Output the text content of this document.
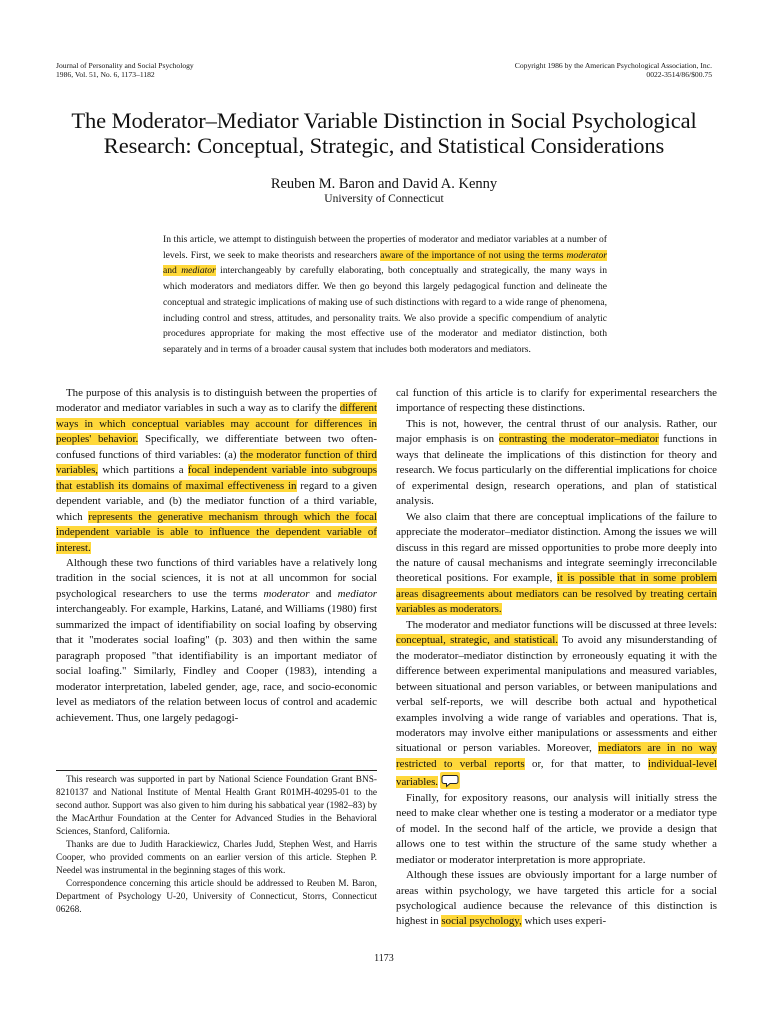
Journal of Personality and Social Psychology
1986, Vol. 51, No. 6, 1173–1182
Copyright 1986 by the American Psychological Association, Inc.
0022-3514/86/$00.75
The Moderator–Mediator Variable Distinction in Social Psychological
Research: Conceptual, Strategic, and Statistical Considerations
Reuben M. Baron and David A. Kenny
University of Connecticut
In this article, we attempt to distinguish between the properties of moderator and mediator variables at a number of levels. First, we seek to make theorists and researchers aware of the importance of not using the terms moderator and mediator interchangeably by carefully elaborating, both conceptually and strategically, the many ways in which moderators and mediators differ. We then go beyond this largely pedagogical function and delineate the conceptual and strategic implications of making use of such distinctions with regard to a wide range of phenomena, including control and stress, attitudes, and personality traits. We also provide a specific compendium of analytic procedures appropriate for making the most effective use of the moderator and mediator distinction, both separately and in terms of a broader causal system that includes both moderators and mediators.

The purpose of this analysis is to distinguish between the properties of moderator and mediator variables in such a way as to clarify the different ways in which conceptual variables may account for differences in peoples' behavior. Specifically, we differentiate between two often-confused functions of third variables: (a) the moderator function of third variables, which partitions a focal independent variable into subgroups that establish its domains of maximal effectiveness in regard to a given dependent variable, and (b) the mediator function of a third variable, which represents the generative mechanism through which the focal independent variable is able to influence the dependent variable of interest.

Although these two functions of third variables have a relatively long tradition in the social sciences, it is not at all uncommon for social psychological researchers to use the terms moderator and mediator interchangeably. For example, Harkins, Latané, and Williams (1980) first summarized the impact of identifiability on social loafing by observing that it "moderates social loafing" (p. 303) and then within the same paragraph proposed "that identifiability is an important mediator of social loafing." Similarly, Findley and Cooper (1983), intending a moderator interpretation, labeled gender, age, race, and socio-economic level as mediators of the relation between locus of control and academic achievement. Thus, one largely pedagogi-

This research was supported in part by National Science Foundation Grant BNS-8210137 and National Institute of Mental Health Grant R01MH-40295-01 to the second author. Support was also given to him during his sabbatical year (1982–83) by the MacArthur Foundation at the Center for Advanced Studies in the Behavioral Sciences, Stanford, California.

Thanks are due to Judith Harackiewicz, Charles Judd, Stephen West, and Harris Cooper, who provided comments on an earlier version of this article. Stephen P. Needel was instrumental in the beginning stages of this work.

Correspondence concerning this article should be addressed to Reuben M. Baron, Department of Psychology U-20, University of Connecticut, Storrs, Connecticut 06268.

cal function of this article is to clarify for experimental researchers the importance of respecting these distinctions.

This is not, however, the central thrust of our analysis. Rather, our major emphasis is on contrasting the moderator–mediator functions in ways that delineate the implications of this distinction for theory and research. We focus particularly on the differential implications for choice of experimental design, research operations, and plan of statistical analysis.

We also claim that there are conceptual implications of the failure to appreciate the moderator–mediator distinction. Among the issues we will discuss in this regard are missed opportunities to probe more deeply into the nature of causal mechanisms and integrate seemingly irreconcilable theoretical positions. For example, it is possible that in some problem areas disagreements about mediators can be resolved by treating certain variables as moderators.

The moderator and mediator functions will be discussed at three levels: conceptual, strategic, and statistical. To avoid any misunderstanding of the moderator–mediator distinction by erroneously equating it with the difference between experimental manipulations and measured variables, between situational and person variables, or between manipulations and verbal self-reports, we will describe both actual and hypothetical examples involving a wide range of variables and operations. That is, moderators may involve either manipulations or assessments and either situational or person variables. Moreover, mediators are in no way restricted to verbal reports or, for that matter, to individual-level variables.

Finally, for expository reasons, our analysis will initially stress the need to make clear whether one is testing a moderator or a mediator type of model. In the second half of the article, we provide a design that allows one to test within the structure of the same study whether a mediator or moderator interpretation is more appropriate.

Although these issues are obviously important for a large number of areas within psychology, we have targeted this article for a social psychological audience because the relevance of this distinction is highest in social psychology, which uses experi-

1173
